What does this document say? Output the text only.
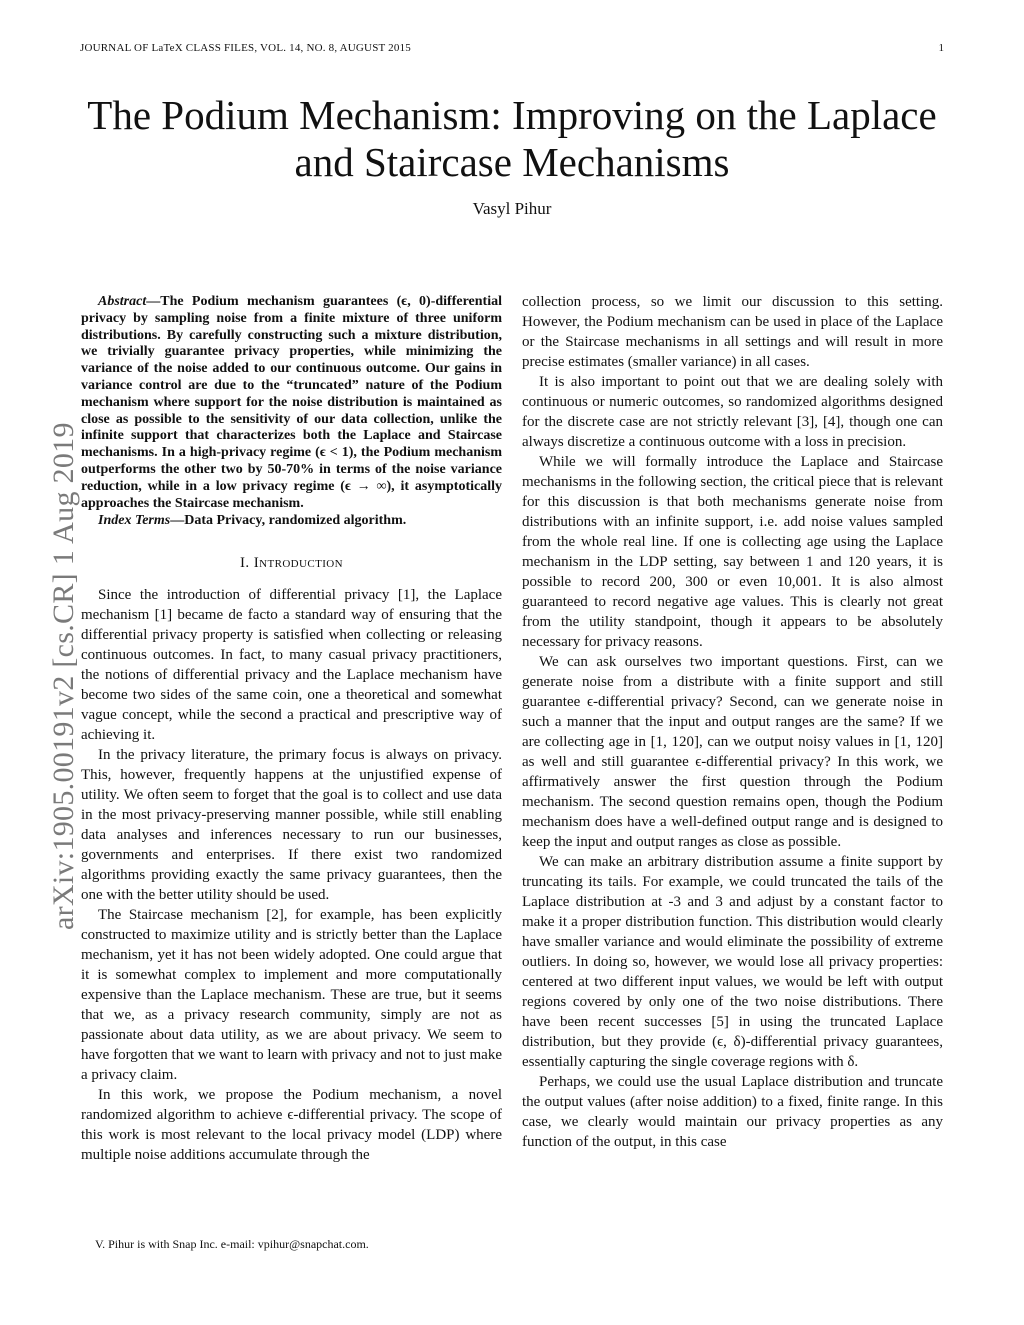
JOURNAL OF LaTeX CLASS FILES, VOL. 14, NO. 8, AUGUST 2015	1
The Podium Mechanism: Improving on the Laplace and Staircase Mechanisms
Vasyl Pihur
arXiv:1905.00191v2 [cs.CR] 1 Aug 2019

Abstract—The Podium mechanism guarantees (ϵ, 0)-differential privacy by sampling noise from a finite mixture of three uniform distributions. By carefully constructing such a mixture distribution, we trivially guarantee privacy properties, while minimizing the variance of the noise added to our continuous outcome. Our gains in variance control are due to the “truncated” nature of the Podium mechanism where support for the noise distribution is maintained as close as possible to the sensitivity of our data collection, unlike the infinite support that characterizes both the Laplace and Staircase mechanisms. In a high-privacy regime (ϵ < 1), the Podium mechanism outperforms the other two by 50-70% in terms of the noise variance reduction, while in a low privacy regime (ϵ → ∞), it asymptotically approaches the Staircase mechanism.

Index Terms—Data Privacy, randomized algorithm.

I. Introduction

Since the introduction of differential privacy [1], the Laplace mechanism [1] became de facto a standard way of ensuring that the differential privacy property is satisfied when collecting or releasing continuous outcomes. In fact, to many casual privacy practitioners, the notions of differential privacy and the Laplace mechanism have become two sides of the same coin, one a theoretical and somewhat vague concept, while the second a practical and prescriptive way of achieving it.

In the privacy literature, the primary focus is always on privacy. This, however, frequently happens at the unjustified expense of utility. We often seem to forget that the goal is to collect and use data in the most privacy-preserving manner possible, while still enabling data analyses and inferences necessary to run our businesses, governments and enterprises. If there exist two randomized algorithms providing exactly the same privacy guarantees, then the one with the better utility should be used.

The Staircase mechanism [2], for example, has been explicitly constructed to maximize utility and is strictly better than the Laplace mechanism, yet it has not been widely adopted. One could argue that it is somewhat complex to implement and more computationally expensive than the Laplace mechanism. These are true, but it seems that we, as a privacy research community, simply are not as passionate about data utility, as we are about privacy. We seem to have forgotten that we want to learn with privacy and not to just make a privacy claim.

In this work, we propose the Podium mechanism, a novel randomized algorithm to achieve ϵ-differential privacy. The scope of this work is most relevant to the local privacy model (LDP) where multiple noise additions accumulate through the

collection process, so we limit our discussion to this setting. However, the Podium mechanism can be used in place of the Laplace or the Staircase mechanisms in all settings and will result in more precise estimates (smaller variance) in all cases.

It is also important to point out that we are dealing solely with continuous or numeric outcomes, so randomized algorithms designed for the discrete case are not strictly relevant [3], [4], though one can always discretize a continuous outcome with a loss in precision.

While we will formally introduce the Laplace and Staircase mechanisms in the following section, the critical piece that is relevant for this discussion is that both mechanisms generate noise from distributions with an infinite support, i.e. add noise values sampled from the whole real line. If one is collecting age using the Laplace mechanism in the LDP setting, say between 1 and 120 years, it is possible to record 200, 300 or even 10,001. It is also almost guaranteed to record negative age values. This is clearly not great from the utility standpoint, though it appears to be absolutely necessary for privacy reasons.

We can ask ourselves two important questions. First, can we generate noise from a distribute with a finite support and still guarantee ϵ-differential privacy? Second, can we generate noise in such a manner that the input and output ranges are the same? If we are collecting age in [1, 120], can we output noisy values in [1, 120] as well and still guarantee ϵ-differential privacy? In this work, we affirmatively answer the first question through the Podium mechanism. The second question remains open, though the Podium mechanism does have a well-defined output range and is designed to keep the input and output ranges as close as possible.

We can make an arbitrary distribution assume a finite support by truncating its tails. For example, we could truncated the tails of the Laplace distribution at -3 and 3 and adjust by a constant factor to make it a proper distribution function. This distribution would clearly have smaller variance and would eliminate the possibility of extreme outliers. In doing so, however, we would lose all privacy properties: centered at two different input values, we would be left with output regions covered by only one of the two noise distributions. There have been recent successes [5] in using the truncated Laplace distribution, but they provide (ϵ, δ)-differential privacy guarantees, essentially capturing the single coverage regions with δ.

Perhaps, we could use the usual Laplace distribution and truncate the output values (after noise addition) to a fixed, finite range. In this case, we clearly would maintain our privacy properties as any function of the output, in this case

V. Pihur is with Snap Inc. e-mail: vpihur@snapchat.com.
